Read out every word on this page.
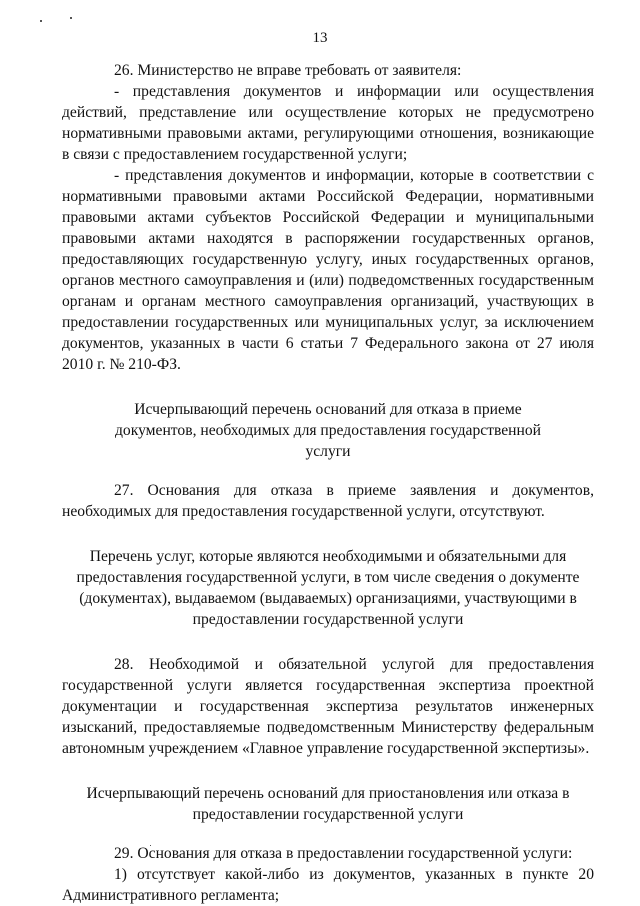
13

26. Министерство не вправе требовать от заявителя:

- представления документов и информации или осуществления действий, представление или осуществление которых не предусмотрено нормативными правовыми актами, регулирующими отношения, возникающие в связи с предоставлением государственной услуги;

- представления документов и информации, которые в соответствии с нормативными правовыми актами Российской Федерации, нормативными правовыми актами субъектов Российской Федерации и муниципальными правовыми актами находятся в распоряжении государственных органов, предоставляющих государственную услугу, иных государственных органов, органов местного самоуправления и (или) подведомственных государственным органам и органам местного самоуправления организаций, участвующих в предоставлении государственных или муниципальных услуг, за исключением документов, указанных в части 6 статьи 7 Федерального закона от 27 июля 2010 г. № 210-ФЗ.

Исчерпывающий перечень оснований для отказа в приеме документов, необходимых для предоставления государственной услуги

27. Основания для отказа в приеме заявления и документов, необходимых для предоставления государственной услуги, отсутствуют.

Перечень услуг, которые являются необходимыми и обязательными для предоставления государственной услуги, в том числе сведения о документе (документах), выдаваемом (выдаваемых) организациями, участвующими в предоставлении государственной услуги

28. Необходимой и обязательной услугой для предоставления государственной услуги является государственная экспертиза проектной документации и государственная экспертиза результатов инженерных изысканий, предоставляемые подведомственным Министерству федеральным автономным учреждением «Главное управление государственной экспертизы».

Исчерпывающий перечень оснований для приостановления или отказа в предоставлении государственной услуги

29. Основания для отказа в предоставлении государственной услуги:

1) отсутствует какой-либо из документов, указанных в пункте 20 Административного регламента;
